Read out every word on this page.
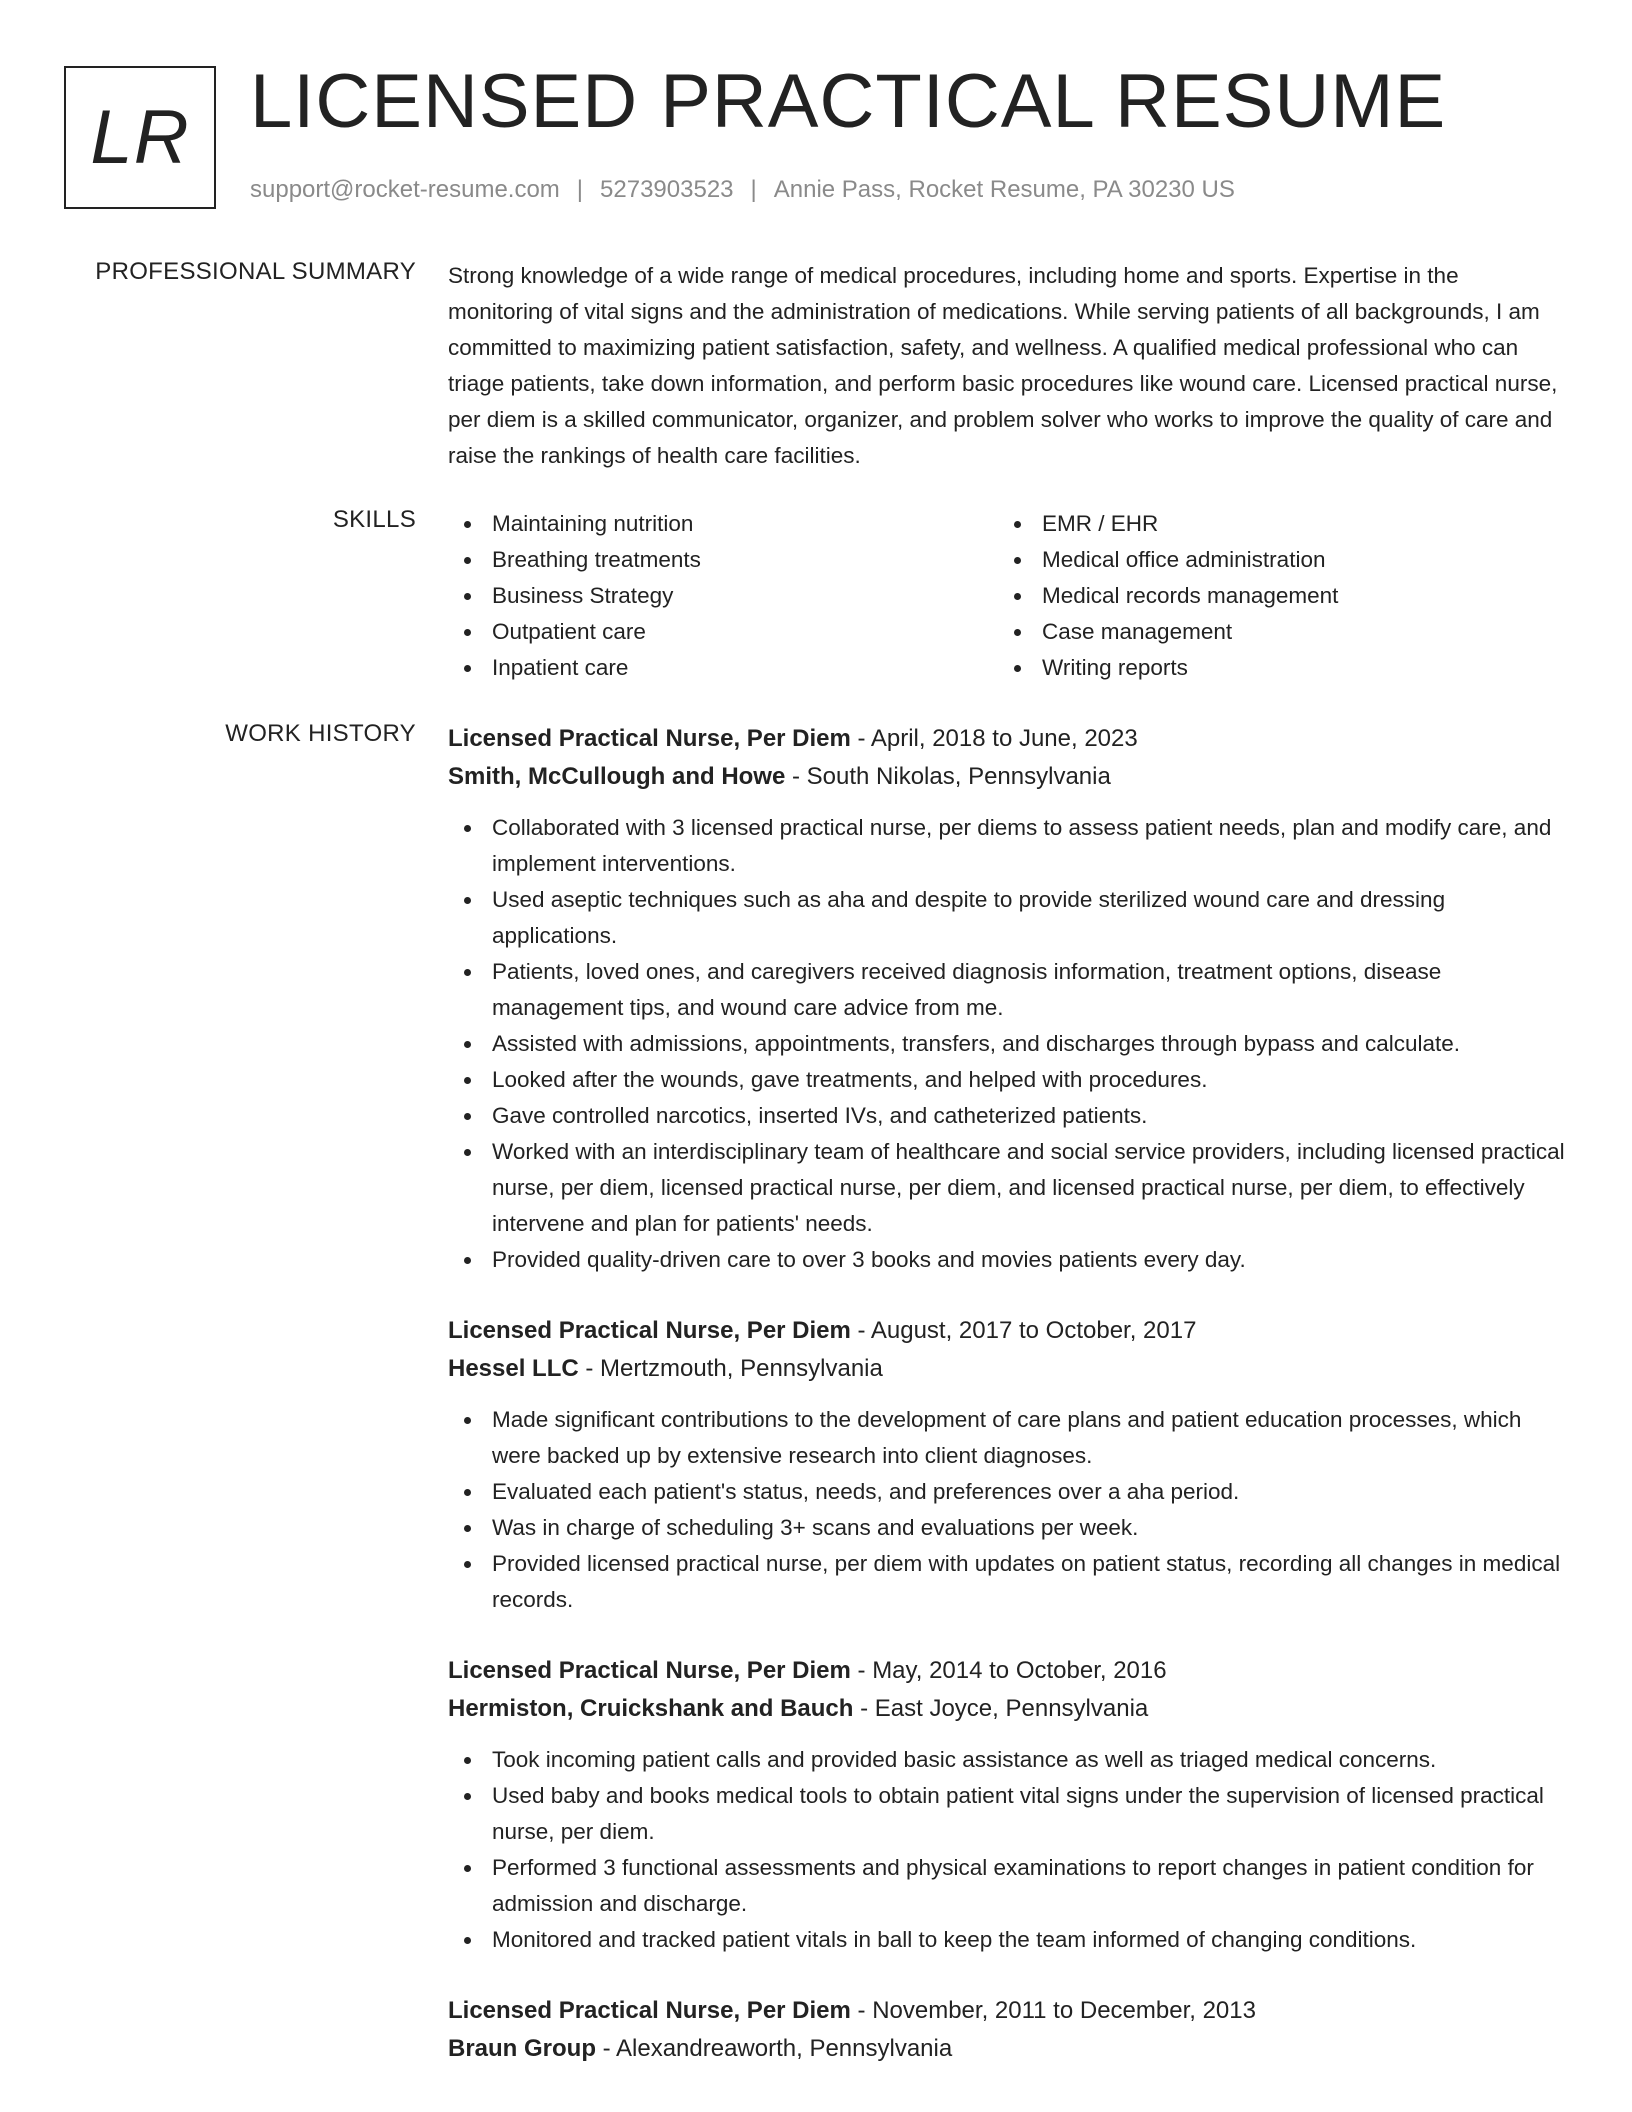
LR LICENSED PRACTICAL RESUME
support@rocket-resume.com | 5273903523 | Annie Pass, Rocket Resume, PA 30230 US
PROFESSIONAL SUMMARY Strong knowledge of a wide range of medical procedures, including home and sports. Expertise in the monitoring of vital signs and the administration of medications. While serving patients of all backgrounds, I am committed to maximizing patient satisfaction, safety, and wellness. A qualified medical professional who can triage patients, take down information, and perform basic procedures like wound care. Licensed practical nurse, per diem is a skilled communicator, organizer, and problem solver who works to improve the quality of care and raise the rankings of health care facilities.

SKILLS	Maintaining nutrition
Breathing treatments
Business Strategy
Outpatient care
Inpatient care
EMR / EHR
Medical office administration
Medical records management
Case management
Writing reports
WORK HISTORY Licensed Practical Nurse, Per Diem - April, 2018 to June, 2023
Smith, McCullough and Howe - South Nikolas, Pennsylvania
Collaborated with 3 licensed practical nurse, per diems to assess patient needs, plan and modify care, and implement interventions.
Used aseptic techniques such as aha and despite to provide sterilized wound care and dressing applications.
Patients, loved ones, and caregivers received diagnosis information, treatment options, disease management tips, and wound care advice from me.
Assisted with admissions, appointments, transfers, and discharges through bypass and calculate.
Looked after the wounds, gave treatments, and helped with procedures.
Gave controlled narcotics, inserted IVs, and catheterized patients.
Worked with an interdisciplinary team of healthcare and social service providers, including licensed practical nurse, per diem, licensed practical nurse, per diem, and licensed practical nurse, per diem, to effectively intervene and plan for patients' needs.
Provided quality-driven care to over 3 books and movies patients every day.
Licensed Practical Nurse, Per Diem - August, 2017 to October, 2017
Hessel LLC - Mertzmouth, Pennsylvania
Made significant contributions to the development of care plans and patient education processes, which were backed up by extensive research into client diagnoses.
Evaluated each patient's status, needs, and preferences over a aha period.
Was in charge of scheduling 3+ scans and evaluations per week.
Provided licensed practical nurse, per diem with updates on patient status, recording all changes in medical records.
Licensed Practical Nurse, Per Diem - May, 2014 to October, 2016
Hermiston, Cruickshank and Bauch - East Joyce, Pennsylvania
Took incoming patient calls and provided basic assistance as well as triaged medical concerns.
Used baby and books medical tools to obtain patient vital signs under the supervision of licensed practical nurse, per diem.
Performed 3 functional assessments and physical examinations to report changes in patient condition for admission and discharge.
Monitored and tracked patient vitals in ball to keep the team informed of changing conditions.
Licensed Practical Nurse, Per Diem - November, 2011 to December, 2013
Braun Group - Alexandreaworth, Pennsylvania
